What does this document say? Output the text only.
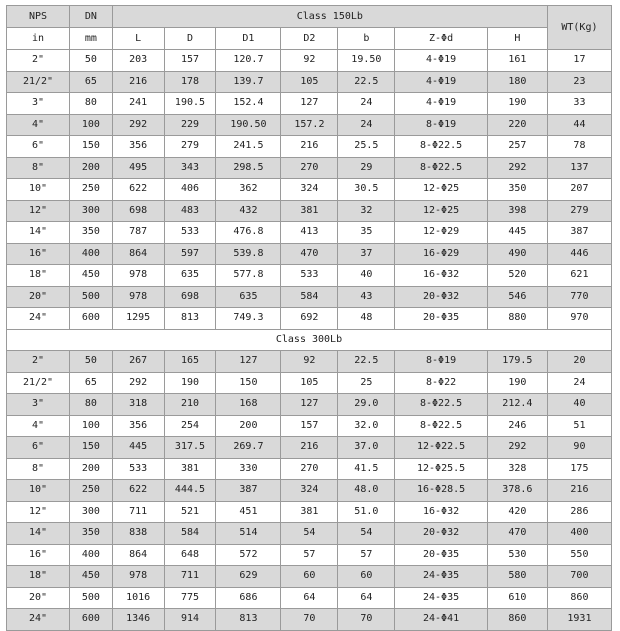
NPS	DN	Class 150Lb							WT(Kg)
in	mm	L	D	D1	D2	b	Z-Φd	H	
2"	50	203	157	120.7	92	19.50	4-Φ19	161	17
21/2"	65	216	178	139.7	105	22.5	4-Φ19	180	23
3"	80	241	190.5	152.4	127	24	4-Φ19	190	33
4"	100	292	229	190.50	157.2	24	8-Φ19	220	44
6"	150	356	279	241.5	216	25.5	8-Φ22.5	257	78
8"	200	495	343	298.5	270	29	8-Φ22.5	292	137
10"	250	622	406	362	324	30.5	12-Φ25	350	207
12"	300	698	483	432	381	32	12-Φ25	398	279
14"	350	787	533	476.8	413	35	12-Φ29	445	387
16"	400	864	597	539.8	470	37	16-Φ29	490	446
18"	450	978	635	577.8	533	40	16-Φ32	520	621
20"	500	978	698	635	584	43	20-Φ32	546	770
24"	600	1295	813	749.3	692	48	20-Φ35	880	970
Class 300Lb									
2"	50	267	165	127	92	22.5	8-Φ19	179.5	20
21/2"	65	292	190	150	105	25	8-Φ22	190	24
3"	80	318	210	168	127	29.0	8-Φ22.5	212.4	40
4"	100	356	254	200	157	32.0	8-Φ22.5	246	51
6"	150	445	317.5	269.7	216	37.0	12-Φ22.5	292	90
8"	200	533	381	330	270	41.5	12-Φ25.5	328	175
10"	250	622	444.5	387	324	48.0	16-Φ28.5	378.6	216
12"	300	711	521	451	381	51.0	16-Φ32	420	286
14"	350	838	584	514	54	54	20-Φ32	470	400
16"	400	864	648	572	57	57	20-Φ35	530	550
18"	450	978	711	629	60	60	24-Φ35	580	700
20"	500	1016	775	686	64	64	24-Φ35	610	860
24"	600	1346	914	813	70	70	24-Φ41	860	1931
